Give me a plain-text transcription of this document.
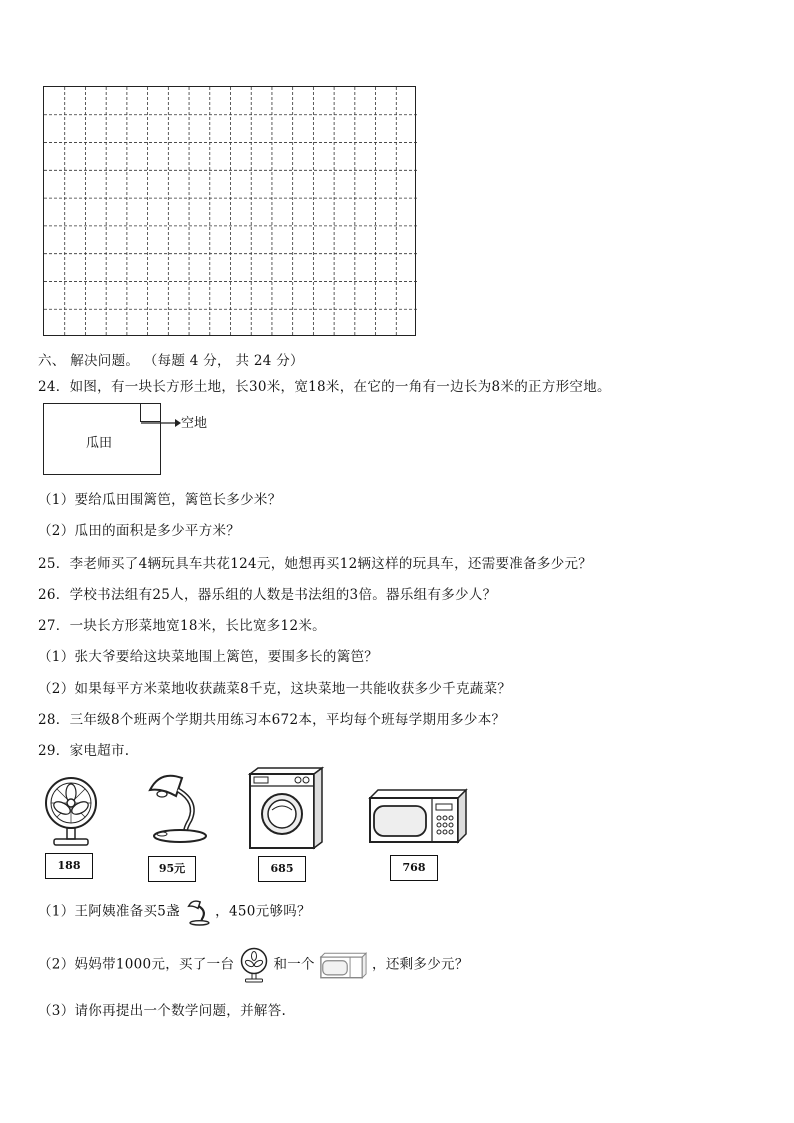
六、 解决问题。 （每题 4 分， 共 24 分）
24．如图，有一块长方形土地，长30米，宽18米，在它的一角有一边长为8米的正方形空地。
瓜田
空地
（1）要给瓜田围篱笆，篱笆长多少米？
（2）瓜田的面积是多少平方米？
25．李老师买了4辆玩具车共花124元，她想再买12辆这样的玩具车，还需要准备多少元？
26．学校书法组有25人，器乐组的人数是书法组的3倍。器乐组有多少人？
27．一块长方形菜地宽18米，长比宽多12米。
（1）张大爷要给这块菜地围上篱笆，要围多长的篱笆？
（2）如果每平方米菜地收获蔬菜8千克，这块菜地一共能收获多少千克蔬菜？
28．三年级8个班两个学期共用练习本672本，平均每个班每学期用多少本？
29．家电超市.
188	95元	685	768
（1）王阿姨准备买5盏	，450元够吗？
（2）妈妈带1000元，买了一台	和一个	，还剩多少元？
（3）请你再提出一个数学问题，并解答.
